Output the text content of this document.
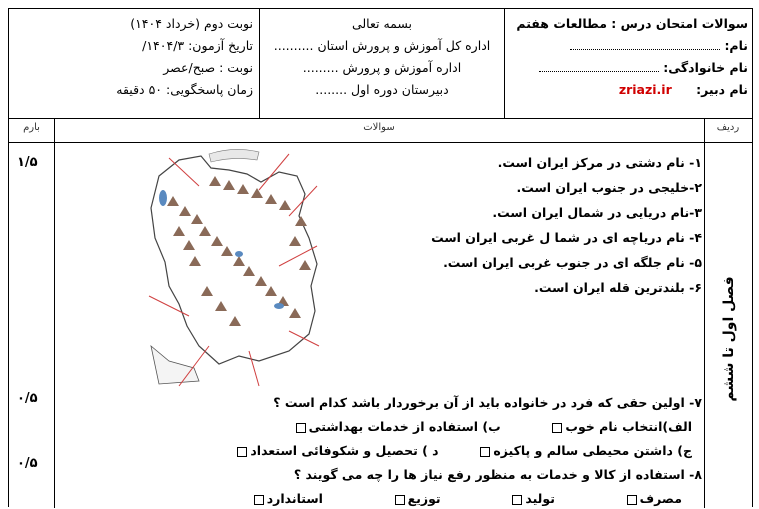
سوالات امتحان درس : مطالعات هفتم
نام:
نام خانوادگی:
نام دبیر: zriazi.ir
بسمه تعالی
اداره کل آموزش و پرورش استان ..........
اداره آموزش و پرورش .........
دبیرستان دوره اول ........
نوبت دوم (خرداد ۱۴۰۴)
تاریخ آزمون: ۱۴۰۴/۳/
نوبت : صبح/عصر
زمان پاسخگویی: ۵۰ دقیقه
بارم	سوالات	ردیف
۱/۵
۰/۵
۰/۵
فصل اول تا ششم
۱- نام دشتی در مرکز ایران است.
۲-خلیجی در جنوب ایران است.
۳-نام دریایی در شمال ایران است.
۴- نام دریاچه ای در شما ل غربی ایران است
۵- نام جلگه ای در جنوب غربی ایران است.
۶- بلندترین قله ایران است.
۷- اولین حقی که فرد در خانواده باید از آن برخوردار باشد کدام است ؟
الف)انتخاب نام خوب  ب) استفاده از خدمات بهداشتی
ج) داشتن محیطی سالم و پاکیزه  د ) تحصیل و شکوفائی استعداد
۸- استفاده از کالا و خدمات به منظور رفع نیاز ها را چه می گویند ؟
مصرف  تولید  توزیع  استاندارد
